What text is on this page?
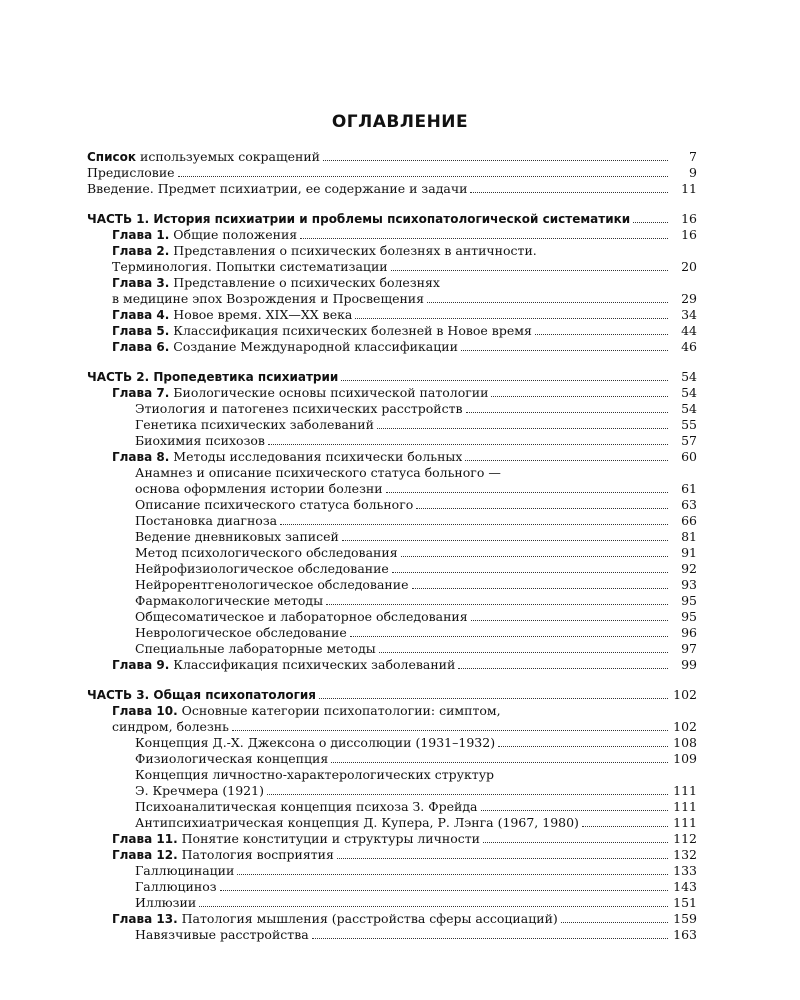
ОГЛАВЛЕНИЕ
Список используемых сокращений	7
Предисловие	9
Введение. Предмет психиатрии, ее содержание и задачи	11
ЧАСТЬ 1. История психиатрии и проблемы психопатологической систематики	16
Глава 1. Общие положения	16
Глава 2. Представления о психических болезнях в античности.
Терминология. Попытки систематизации	20
Глава 3. Представление о психических болезнях
в медицине эпох Возрождения и Просвещения	29
Глава 4. Новое время. XIX—XX века	34
Глава 5. Классификация психических болезней в Новое время	44
Глава 6. Создание Международной классификации	46
ЧАСТЬ 2. Пропедевтика психиатрии	54
Глава 7. Биологические основы психической патологии	54
Этиология и патогенез психических расстройств	54
Генетика психических заболеваний	55
Биохимия психозов	57
Глава 8. Методы исследования психически больных	60
Анамнез и описание психического статуса больного —
основа оформления истории болезни	61
Описание психического статуса больного	63
Постановка диагноза	66
Ведение дневниковых записей	81
Метод психологического обследования	91
Нейрофизиологическое обследование	92
Нейрорентгенологическое обследование	93
Фармакологические методы	95
Общесоматическое и лабораторное обследования	95
Неврологическое обследование	96
Специальные лабораторные методы	97
Глава 9. Классификация психических заболеваний	99
ЧАСТЬ 3. Общая психопатология	102
Глава 10. Основные категории психопатологии: симптом,
синдром, болезнь	102
Концепция Д.-Х. Джексона о диссолюции (1931–1932)	108
Физиологическая концепция	109
Концепция личностно-характерологических структур
Э. Кречмера (1921)	111
Психоаналитическая концепция психоза З. Фрейда	111
Антипсихиатрическая концепция Д. Купера, Р. Лэнга (1967, 1980)	111
Глава 11. Понятие конституции и структуры личности	112
Глава 12. Патология восприятия	132
Галлюцинации	133
Галлюциноз	143
Иллюзии	151
Глава 13. Патология мышления (расстройства сферы ассоциаций)	159
Навязчивые расстройства	163
